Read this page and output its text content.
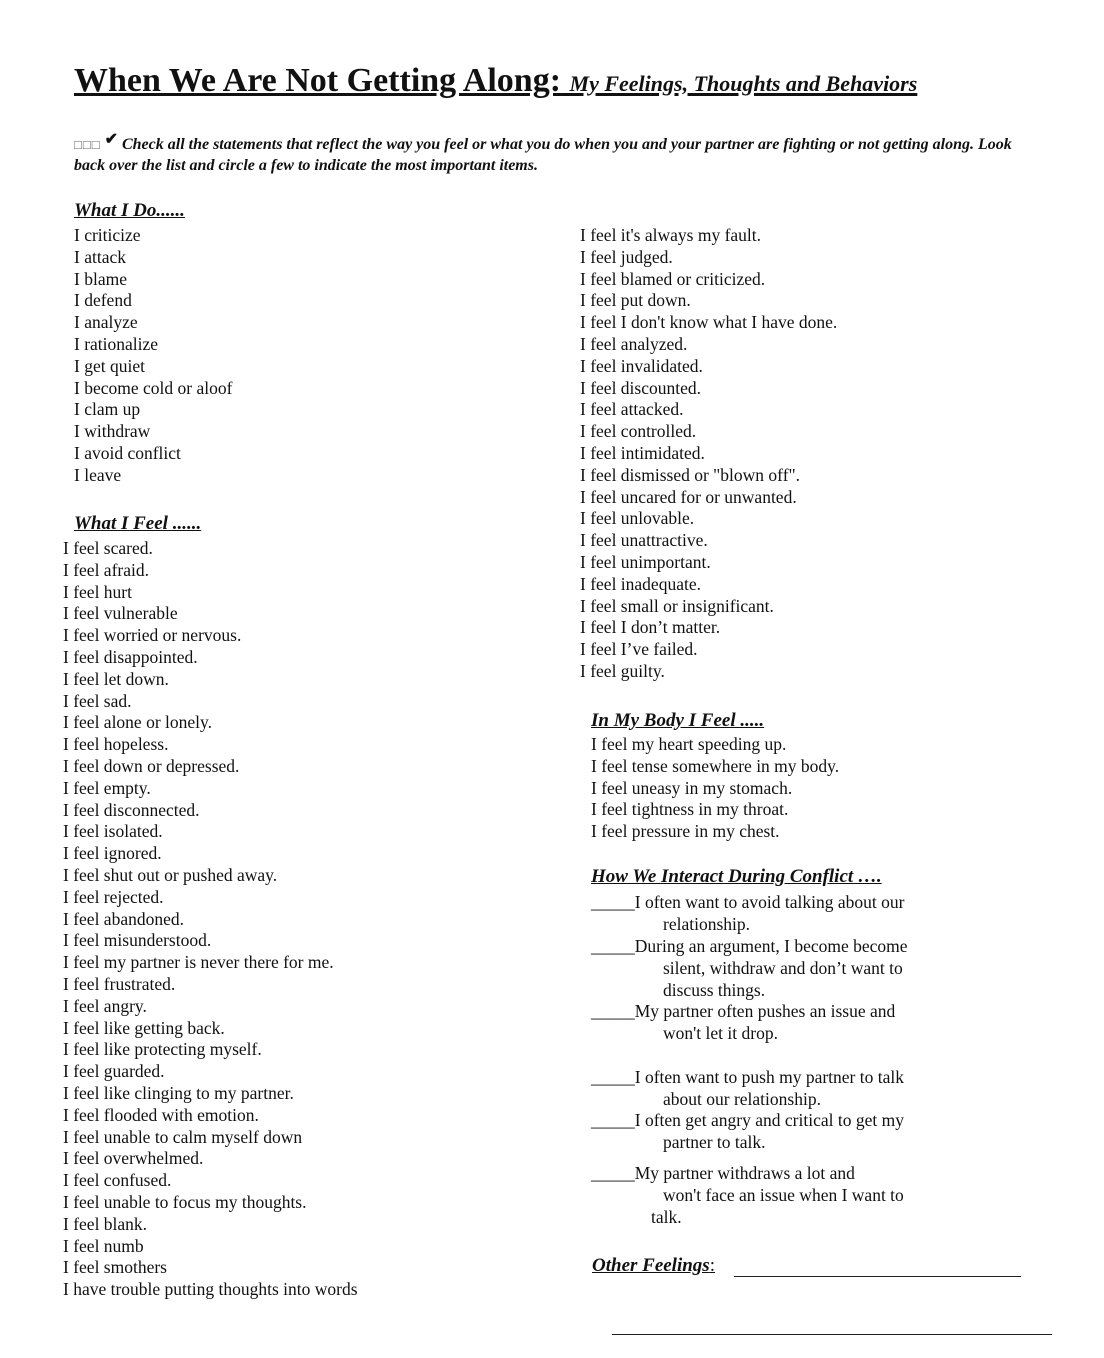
When We Are Not Getting Along: My Feelings, Thoughts and Behaviors
□□□ ✔ Check all the statements that reflect the way you feel or what you do when you and your partner are fighting or not getting along. Look back over the list and circle a few to indicate the most important items.
What I Do......
I criticize
I attack
I blame
I defend
I analyze
I rationalize
I get quiet
I become cold or aloof
I clam up
I withdraw
I avoid conflict
I leave
What I Feel ......
I feel scared.
I feel afraid.
I feel hurt
I feel vulnerable
I feel worried or nervous.
I feel disappointed.
I feel let down.
I feel sad.
I feel alone or lonely.
I feel hopeless.
I feel down or depressed.
I feel empty.
I feel disconnected.
I feel isolated.
I feel ignored.
I feel shut out or pushed away.
I feel rejected.
I feel abandoned.
I feel misunderstood.
I feel my partner is never there for me.
I feel frustrated.
I feel angry.
I feel like getting back.
I feel like protecting myself.
I feel guarded.
I feel like clinging to my partner.
I feel flooded with emotion.
I feel unable to calm myself down
I feel overwhelmed.
I feel confused.
I feel unable to focus my thoughts.
I feel blank.
I feel numb
I feel smothers
I have trouble putting thoughts into words
I feel it's always my fault.
I feel judged.
I feel blamed or criticized.
I feel put down.
I feel I don't know what I have done.
I feel analyzed.
I feel invalidated.
I feel discounted.
I feel attacked.
I feel controlled.
I feel intimidated.
I feel dismissed or "blown off".
I feel uncared for or unwanted.
I feel unlovable.
I feel unattractive.
I feel unimportant.
I feel inadequate.
I feel small or insignificant.
I feel I don’t matter.
I feel I’ve failed.
I feel guilty.
In My Body I Feel .....
I feel my heart speeding up.
I feel tense somewhere in my body.
I feel uneasy in my stomach.
I feel tightness in my throat.
I feel pressure in my chest.
How We Interact During Conflict ….
_____I often want to avoid talking about our
relationship.
_____During an argument, I become become
silent, withdraw and don’t want to
discuss things.
_____My partner often pushes an issue and
won't let it drop.
_____I often want to push my partner to talk
about our relationship.
_____I often get angry and critical to get my
partner to talk.
_____My partner withdraws a lot and
won't face an issue when I want to
talk.
Other Feelings:
